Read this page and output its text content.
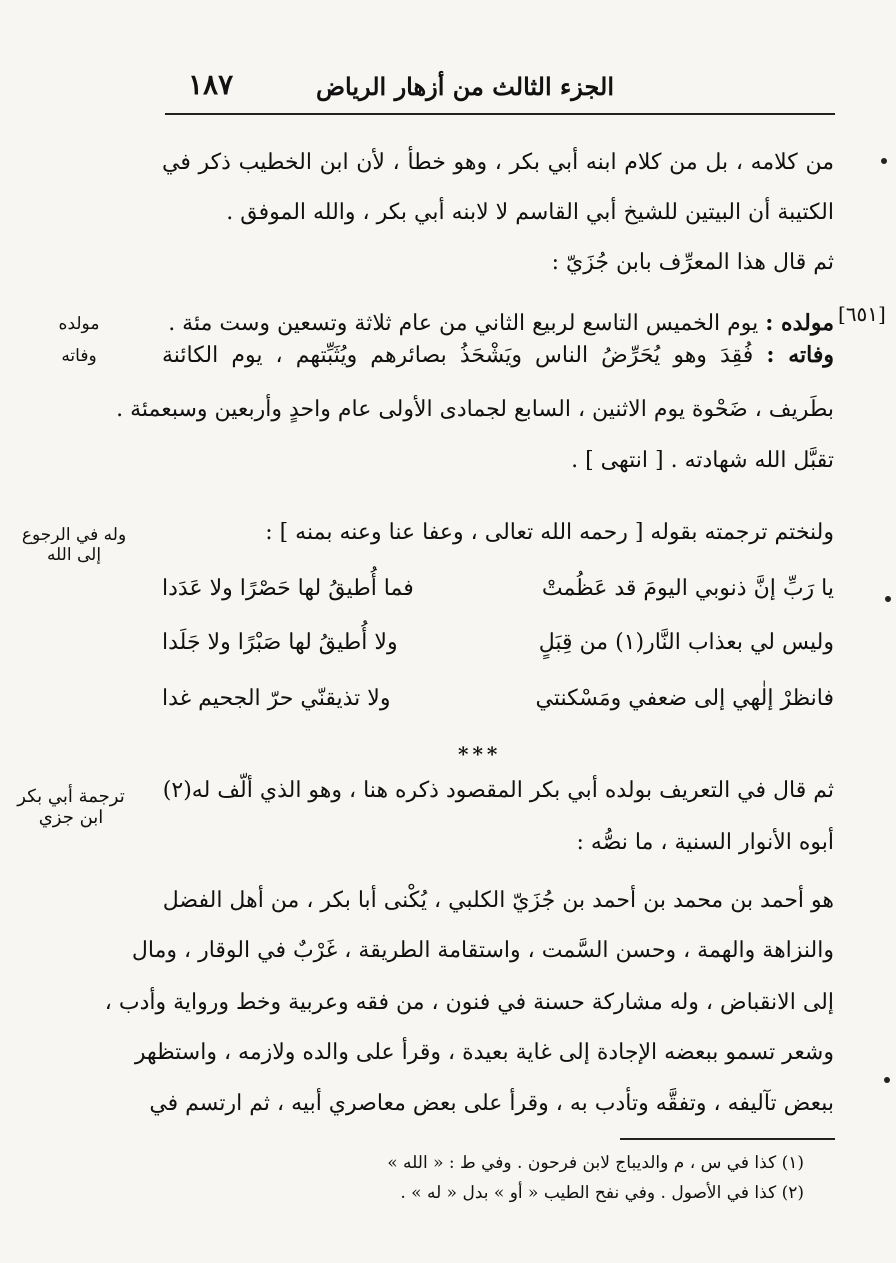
الجزء الثالث من أزهار الرياض
١٨٧
من كلامه ، بل من كلام ابنه أبي بكر ، وهو خطأ ، لأن ابن الخطيب ذكر في
الكتيبة أن البيتين للشيخ أبي القاسم لا لابنه أبي بكر ، والله الموفق .
ثم قال هذا المعرِّف بابن جُزَيّ :
[٦٥١]
مولده : يوم الخميس التاسع لربيع الثاني من عام ثلاثة وتسعين وست مئة .
مولده
وفاته : فُقِدَ وهو يُحَرِّضُ الناس ويَشْحَذُ بصائرهم ويُثَبِّتهم ، يوم الكائنة
وفاته
بطَريف ، ضَحْوة يوم الاثنين ، السابع لجمادى الأولى عام واحدٍ وأربعين وسبعمئة .
تقبَّل الله شهادته . [ انتهى ] .
ولنختم ترجمته بقوله [ رحمه الله تعالى ، وعفا عنا وعنه بمنه ] :
وله في الرجوع إلى الله
يا رَبِّ إنَّ ذنوبي اليومَ قد عَظُمتْ
فما أُطيقُ لها حَصْرًا ولا عَدَدا
وليس لي بعذاب النَّار(١) من قِبَلٍ
ولا أُطيقُ لها صَبْرًا ولا جَلَدا
فانظرْ إلٰهي إلى ضعفي ومَسْكنتي
ولا تذيقنّي حرّ الجحيم غدا
***
ثم قال في التعريف بولده أبي بكر المقصود ذكره هنا ، وهو الذي ألّف له(٢)
ترجمة أبي بكر ابن جزي
أبوه الأنوار السنية ، ما نصُّه :
هو أحمد بن محمد بن أحمد بن جُزَيّ الكلبي ، يُكْنى أبا بكر ، من أهل الفضل
والنزاهة والهمة ، وحسن السَّمت ، واستقامة الطريقة ، غَرْبٌ في الوقار ، ومال
إلى الانقباض ، وله مشاركة حسنة في فنون ، من فقه وعربية وخط ورواية وأدب ،
وشعر تسمو ببعضه الإجادة إلى غاية بعيدة ، وقرأ على والده ولازمه ، واستظهر
ببعض تآليفه ، وتفقَّه وتأدب به ، وقرأ على بعض معاصري أبيه ، ثم ارتسم في
(١) كذا في س ، م والديباج لابن فرحون . وفي ط : « الله »
(٢) كذا في الأصول . وفي نفح الطيب « أو » بدل « له » .
